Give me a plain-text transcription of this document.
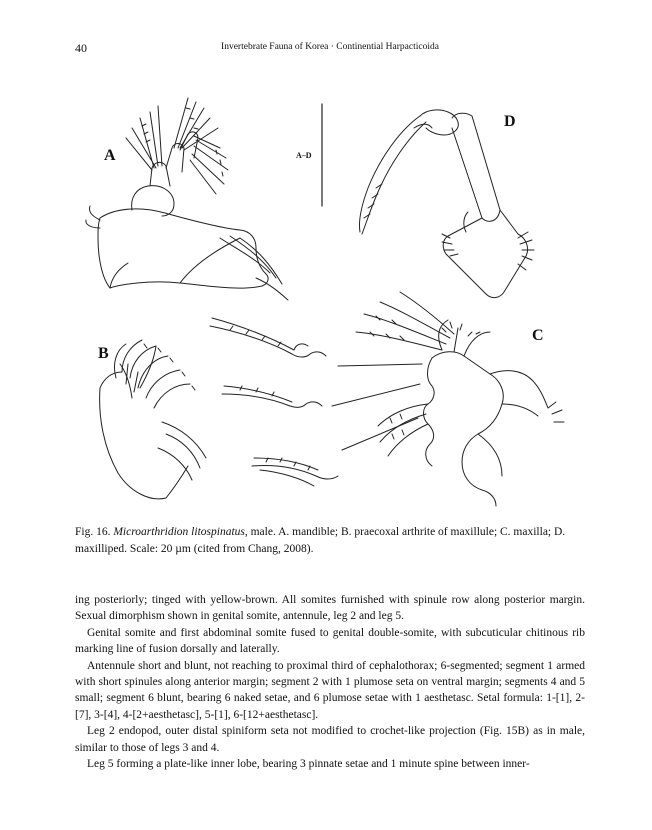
40	Invertebrate Fauna of Korea · Continential Harpacticoida
A–D
A
D
B
C
Fig. 16. Microarthridion litospinatus, male. A. mandible; B. praecoxal arthrite of maxillule; C. maxilla; D. maxilliped. Scale: 20 µm (cited from Chang, 2008).

ing posteriorly; tinged with yellow-brown. All somites furnished with spinule row along posterior margin. Sexual dimorphism shown in genital somite, antennule, leg 2 and leg 5.

Genital somite and first abdominal somite fused to genital double-somite, with subcuticular chitinous rib marking line of fusion dorsally and laterally.

Antennule short and blunt, not reaching to proximal third of cephalothorax; 6-segmented; segment 1 armed with short spinules along anterior margin; segment 2 with 1 plumose seta on ventral margin; segments 4 and 5 small; segment 6 blunt, bearing 6 naked setae, and 6 plumose setae with 1 aesthetasc. Setal formula: 1-[1], 2-[7], 3-[4], 4-[2+aesthetasc], 5-[1], 6-[12+aesthetasc].

Leg 2 endopod, outer distal spiniform seta not modified to crochet-like projection (Fig. 15B) as in male, similar to those of legs 3 and 4.

Leg 5 forming a plate-like inner lobe, bearing 3 pinnate setae and 1 minute spine between inner-
